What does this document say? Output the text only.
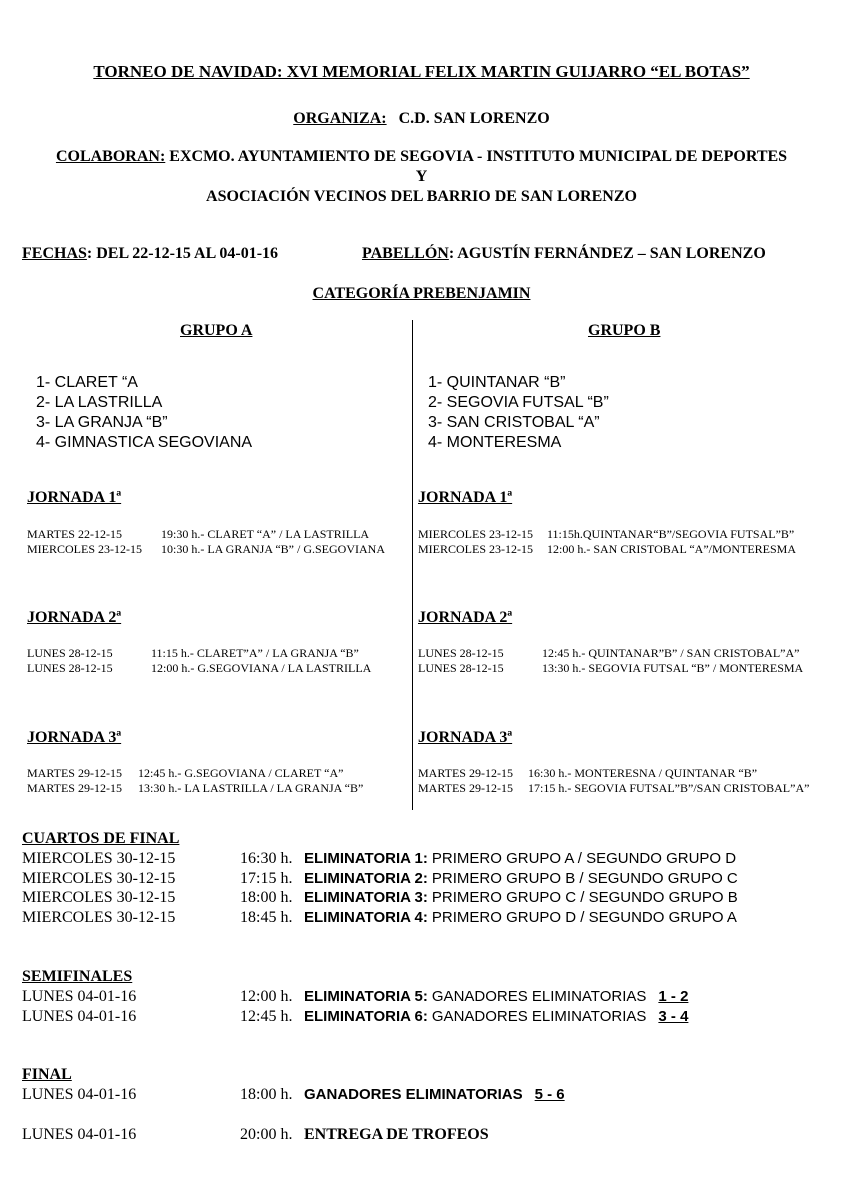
TORNEO DE NAVIDAD: XVI MEMORIAL FELIX MARTIN GUIJARRO “EL BOTAS”
ORGANIZA: C.D. SAN LORENZO
COLABORAN: EXCMO. AYUNTAMIENTO DE SEGOVIA - INSTITUTO MUNICIPAL DE DEPORTES
Y
ASOCIACIÓN VECINOS DEL BARRIO DE SAN LORENZO
FECHAS: DEL 22-12-15 AL 04-01-16	PABELLÓN: AGUSTÍN FERNÁNDEZ – SAN LORENZO
CATEGORÍA PREBENJAMIN
GRUPO A
1- CLARET “A
2- LA LASTRILLA
3- LA GRANJA “B”
4- GIMNASTICA SEGOVIANA
JORNADA 1ª
MARTES 22-12-15	19:30 h.- CLARET “A” / LA LASTRILLA
MIERCOLES 23-12-15 10:30 h.- LA GRANJA “B” / G.SEGOVIANA
JORNADA 2ª
LUNES 28-12-15	11:15 h.- CLARET”A” / LA GRANJA “B”
LUNES 28-12-15	12:00 h.- G.SEGOVIANA / LA LASTRILLA
JORNADA 3ª
MARTES 29-12-15 12:45 h.- G.SEGOVIANA / CLARET “A”
MARTES 29-12-15 13:30 h.- LA LASTRILLA / LA GRANJA “B”
GRUPO B
1- QUINTANAR “B”
2- SEGOVIA FUTSAL “B”
3- SAN CRISTOBAL “A”
4- MONTERESMA
JORNADA 1ª
MIERCOLES 23-12-15 11:15h.QUINTANAR“B”/SEGOVIA FUTSAL”B”
MIERCOLES 23-12-15 12:00 h.- SAN CRISTOBAL “A”/MONTERESMA
JORNADA 2ª
LUNES 28-12-15	12:45 h.- QUINTANAR”B” / SAN CRISTOBAL”A”
LUNES 28-12-15	13:30 h.- SEGOVIA FUTSAL “B” / MONTERESMA
JORNADA 3ª
MARTES 29-12-15 16:30 h.- MONTERESNA / QUINTANAR “B”
MARTES 29-12-15 17:15 h.- SEGOVIA FUTSAL”B”/SAN CRISTOBAL”A”
CUARTOS DE FINAL
MIERCOLES 30-12-15	16:30 h. ELIMINATORIA 1: PRIMERO GRUPO A / SEGUNDO GRUPO D
MIERCOLES 30-12-15	17:15 h. ELIMINATORIA 2: PRIMERO GRUPO B / SEGUNDO GRUPO C
MIERCOLES 30-12-15	18:00 h. ELIMINATORIA 3: PRIMERO GRUPO C / SEGUNDO GRUPO B
MIERCOLES 30-12-15	18:45 h. ELIMINATORIA 4: PRIMERO GRUPO D / SEGUNDO GRUPO A
SEMIFINALES
LUNES 04-01-16	12:00 h. ELIMINATORIA 5: GANADORES ELIMINATORIAS 1 - 2
LUNES 04-01-16	12:45 h. ELIMINATORIA 6: GANADORES ELIMINATORIAS 3 - 4
FINAL
LUNES 04-01-16	18:00 h. GANADORES ELIMINATORIAS 5 - 6
LUNES 04-01-16	20:00 h. ENTREGA DE TROFEOS
